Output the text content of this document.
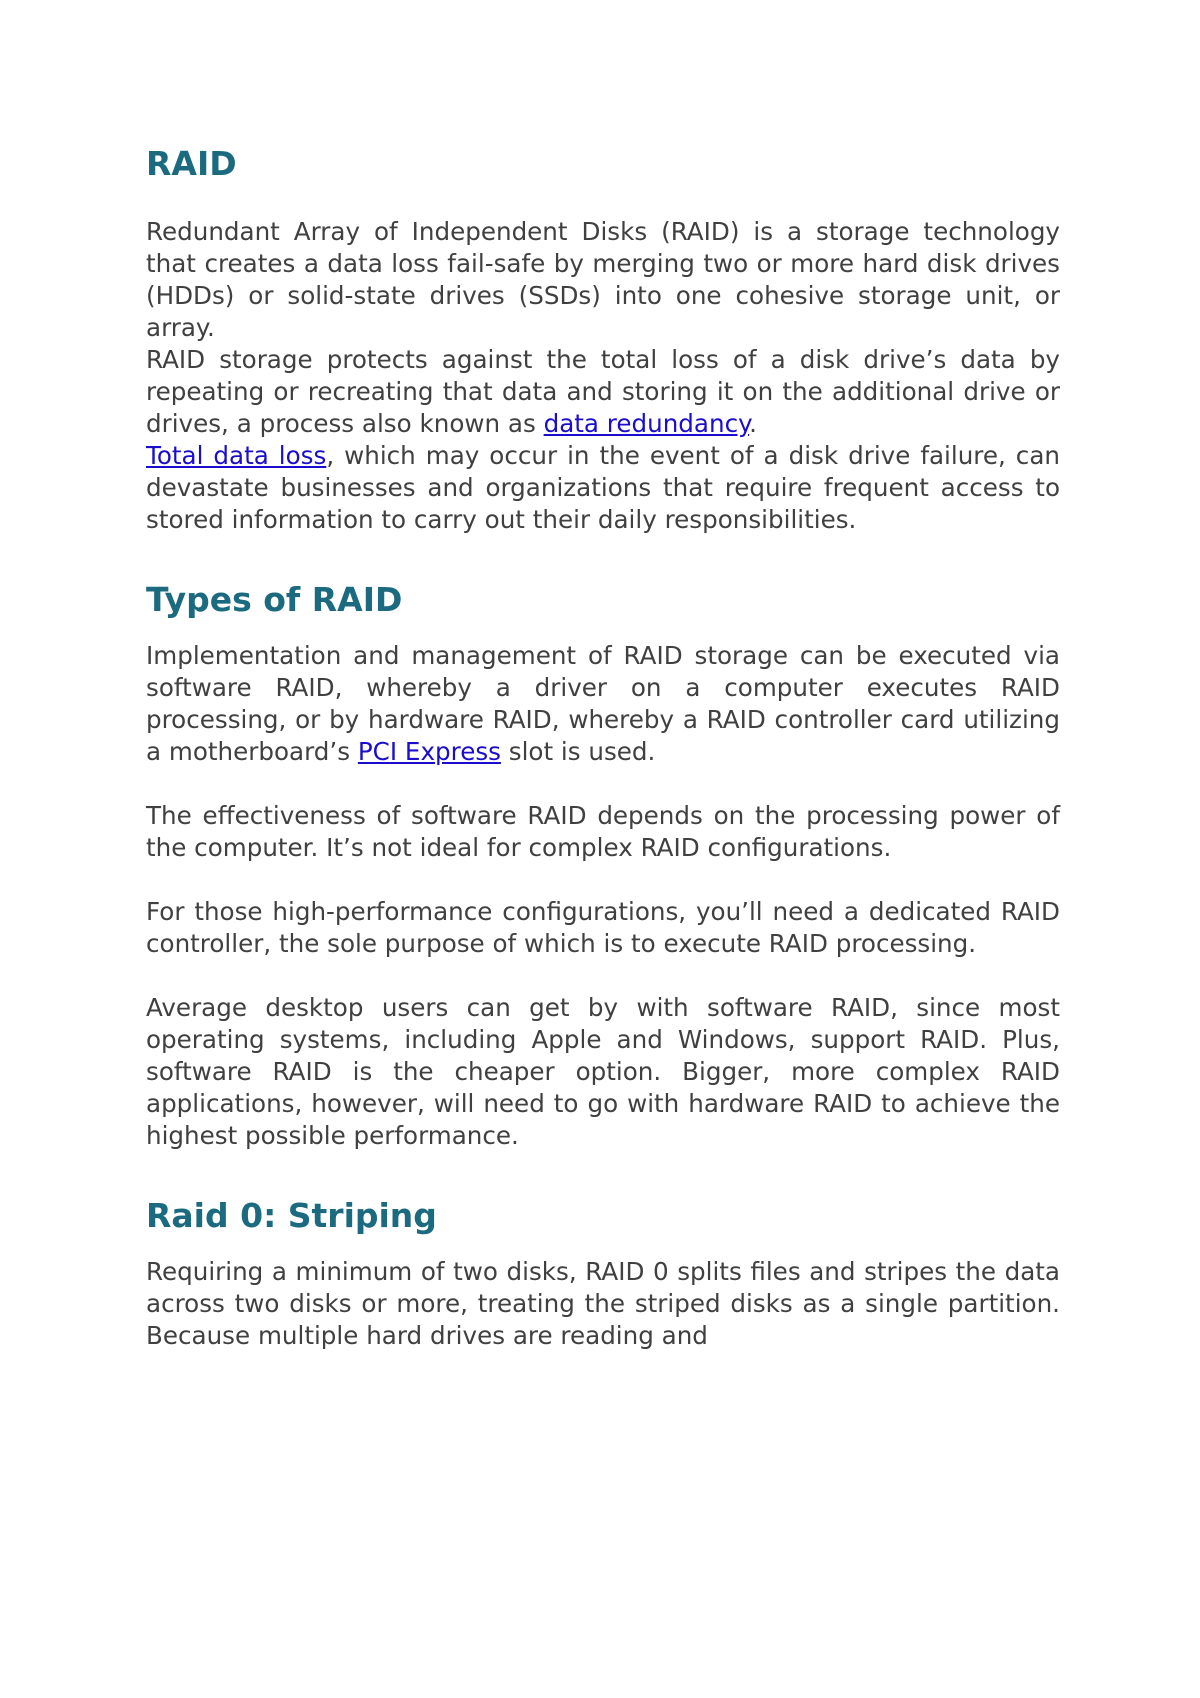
RAID

Redundant Array of Independent Disks (RAID) is a storage technology that creates a data loss fail-safe by merging two or more hard disk drives (HDDs) or solid-state drives (SSDs) into one cohesive storage unit, or array.

RAID storage protects against the total loss of a disk drive’s data by repeating or recreating that data and storing it on the additional drive or drives, a process also known as data redundancy.

Total data loss, which may occur in the event of a disk drive failure, can devastate businesses and organizations that require frequent access to stored information to carry out their daily responsibilities.

Types of RAID

Implementation and management of RAID storage can be executed via software RAID, whereby a driver on a computer executes RAID processing, or by hardware RAID, whereby a RAID controller card utilizing a motherboard’s PCI Express slot is used.

The effectiveness of software RAID depends on the processing power of the computer. It’s not ideal for complex RAID configurations.

For those high-performance configurations, you’ll need a dedicated RAID controller, the sole purpose of which is to execute RAID processing.

Average desktop users can get by with software RAID, since most operating systems, including Apple and Windows, support RAID. Plus, software RAID is the cheaper option. Bigger, more complex RAID applications, however, will need to go with hardware RAID to achieve the highest possible performance.

Raid 0: Striping

Requiring a minimum of two disks, RAID 0 splits files and stripes the data across two disks or more, treating the striped disks as a single partition. Because multiple hard drives are reading and
